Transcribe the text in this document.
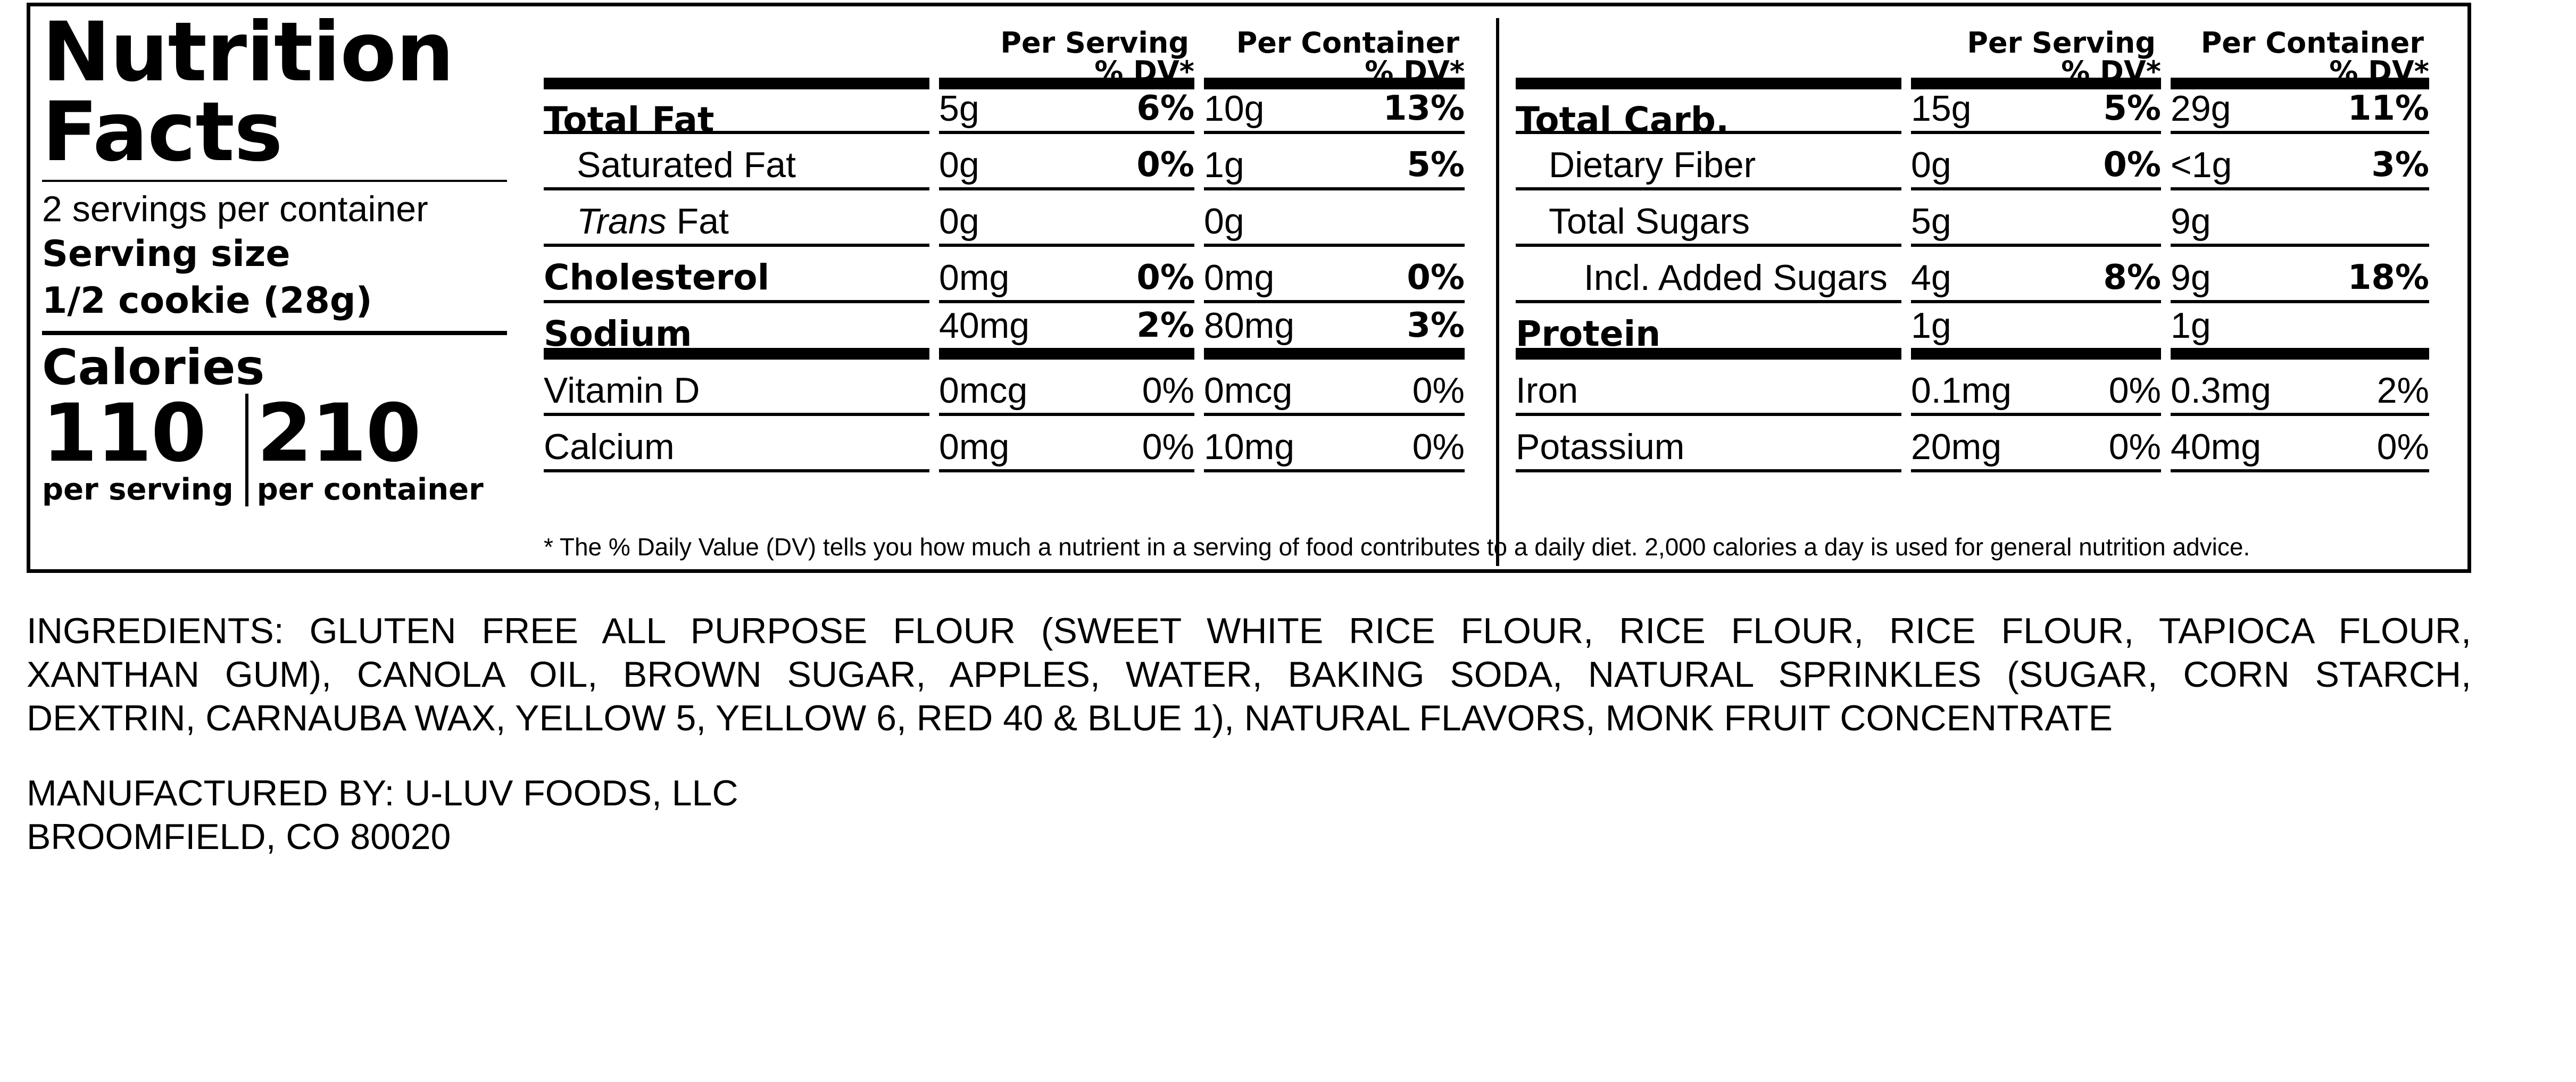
Nutrition
Facts
2 servings per container
Serving size
1/2 cookie (28g)
Calories
110
per serving
210
per container
Per Serving
% DV*
Per Container
% DV*
Total Fat	5g	6% 10g	13%
Saturated Fat	0g	0% 1g	5%
Trans Fat	0g	0g
Cholesterol	0mg	0% 0mg	0%
Sodium	40mg	2% 80mg	3%
Vitamin D	0mcg	0% 0mcg	0%
Calcium	0mg	0% 10mg	0%
Per Serving
% DV*
Per Container
% DV*
Total Carb.	15g	5% 29g	11%
Dietary Fiber	0g	0% <1g	3%
Total Sugars	5g	9g
Incl. Added Sugars 4g	8% 9g	18%
Protein	1g	1g
Iron	0.1mg	0% 0.3mg	2%
Potassium	20mg	0% 40mg	0%
* The % Daily Value (DV) tells you how much a nutrient in a serving of food contributes to a daily diet. 2,000 calories a day is used for general nutrition advice.
INGREDIENTS: GLUTEN FREE ALL PURPOSE FLOUR (SWEET WHITE RICE FLOUR, RICE FLOUR, RICE FLOUR, TAPIOCA FLOUR,
XANTHAN GUM), CANOLA OIL, BROWN SUGAR, APPLES, WATER, BAKING SODA, NATURAL SPRINKLES (SUGAR, CORN STARCH,
DEXTRIN, CARNAUBA WAX, YELLOW 5, YELLOW 6, RED 40 & BLUE 1), NATURAL FLAVORS, MONK FRUIT CONCENTRATE
MANUFACTURED BY: U-LUV FOODS, LLC
BROOMFIELD, CO 80020
